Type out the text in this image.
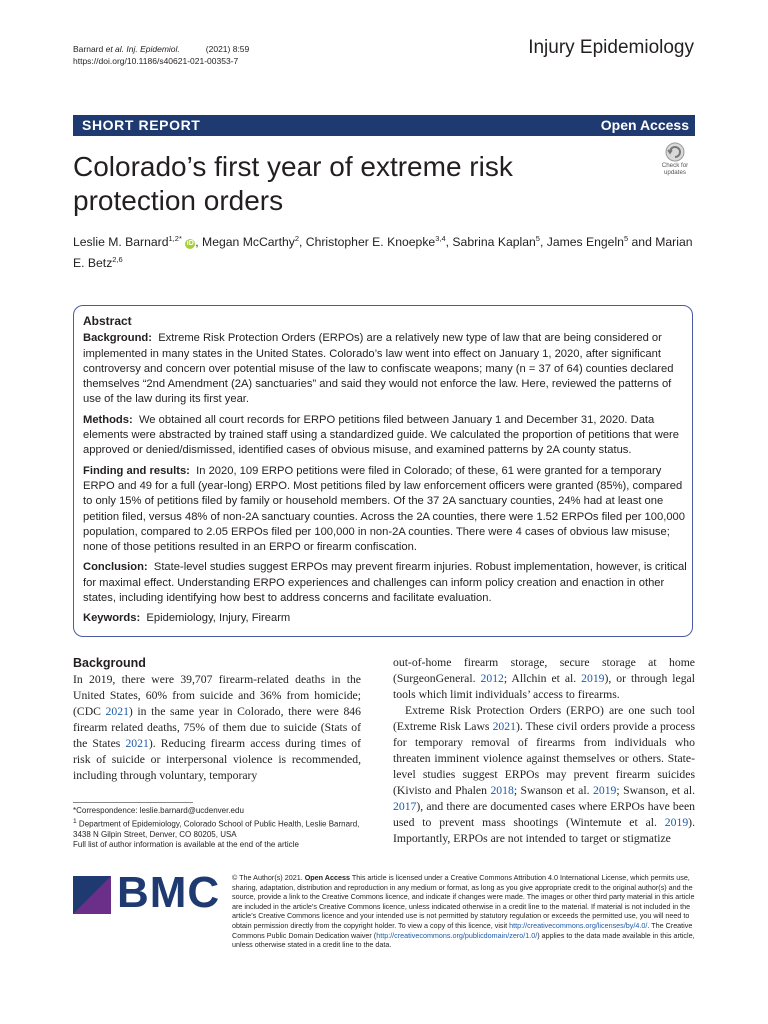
Barnard et al. Inj. Epidemiol.	(2021) 8:59
https://doi.org/10.1186/s40621-021-00353-7
Injury Epidemiology
SHORT REPORT	Open Access
Check for
updates
Colorado’s first year of extreme risk protection orders
Leslie M. Barnard$^{1,2*}$ iD , Megan McCarthy$^2$, Christopher E. Knoepke$^{3,4}$, Sabrina Kaplan$^5$, James Engeln$^5$ and Marian E. Betz$^{2,6}$
Abstract

Background: Extreme Risk Protection Orders (ERPOs) are a relatively new type of law that are being considered or implemented in many states in the United States. Colorado’s law went into effect on January 1, 2020, after significant controversy and concern over potential misuse of the law to confiscate weapons; many (n = 37 of 64) counties declared themselves “2nd Amendment (2A) sanctuaries” and said they would not enforce the law. Here, reviewed the patterns of use of the law during its first year.

Methods: We obtained all court records for ERPO petitions filed between January 1 and December 31, 2020. Data elements were abstracted by trained staff using a standardized guide. We calculated the proportion of petitions that were approved or denied/dismissed, identified cases of obvious misuse, and examined patterns by 2A county status.

Finding and results: In 2020, 109 ERPO petitions were filed in Colorado; of these, 61 were granted for a temporary ERPO and 49 for a full (year-long) ERPO. Most petitions filed by law enforcement officers were granted (85%), compared to only 15% of petitions filed by family or household members. Of the 37 2A sanctuary counties, 24% had at least one petition filed, versus 48% of non-2A sanctuary counties. Across the 2A counties, there were 1.52 ERPOs filed per 100,000 population, compared to 2.05 ERPOs filed per 100,000 in non-2A counties. There were 4 cases of obvious law misuse; none of those petitions resulted in an ERPO or firearm confiscation.

Conclusion: State-level studies suggest ERPOs may prevent firearm injuries. Robust implementation, however, is critical for maximal effect. Understanding ERPO experiences and challenges can inform policy creation and enaction in other states, including identifying how best to address concerns and facilitate evaluation.

Keywords: Epidemiology, Injury, Firearm

Background

In 2019, there were 39,707 firearm-related deaths in the United States, 60% from suicide and 36% from homicide; (CDC 2021) in the same year in Colorado, there were 846 firearm related deaths, 75% of them due to suicide (Stats of the States 2021). Reducing firearm access during times of risk of suicide or interpersonal violence is recommended, including through voluntary, temporary

out-of-home firearm storage, secure storage at home (SurgeonGeneral. 2012; Allchin et al. 2019), or through legal tools which limit individuals’ access to firearms.

Extreme Risk Protection Orders (ERPO) are one such tool (Extreme Risk Laws 2021). These civil orders provide a process for temporary removal of firearms from individuals who threaten imminent violence against themselves or others. State-level studies suggest ERPOs may prevent firearm suicides (Kivisto and Phalen 2018; Swanson et al. 2019; Swanson, et al. 2017), and there are documented cases where ERPOs have been used to prevent mass shootings (Wintemute et al. 2019). Importantly, ERPOs are not intended to target or stigmatize

*Correspondence: leslie.barnard@ucdenver.edu
$^1$ Department of Epidemiology, Colorado School of Public Health, Leslie Barnard, 3438 N Gilpin Street, Denver, CO 80205, USA
Full list of author information is available at the end of the article
BMC © The Author(s) 2021. Open Access This article is licensed under a Creative Commons Attribution 4.0 International License, which permits use, sharing, adaptation, distribution and reproduction in any medium or format, as long as you give appropriate credit to the original author(s) and the source, provide a link to the Creative Commons licence, and indicate if changes were made. The images or other third party material in this article are included in the article’s Creative Commons licence, unless indicated otherwise in a credit line to the material. If material is not included in the article’s Creative Commons licence and your intended use is not permitted by statutory regulation or exceeds the permitted use, you will need to obtain permission directly from the copyright holder. To view a copy of this licence, visit http://creativecommons.org/licenses/by/4.0/. The Creative Commons Public Domain Dedication waiver (http://creativecommons.org/publicdomain/zero/1.0/) applies to the data made available in this article, unless otherwise stated in a credit line to the data.
